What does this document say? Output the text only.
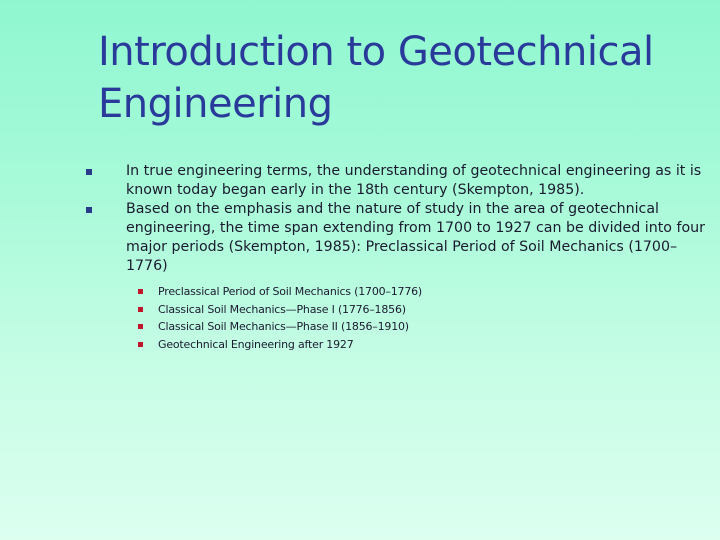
Introduction to Geotechnical
Engineering
In true engineering terms, the understanding of geotechnical engineering as it is known today began early in the 18th century (Skempton, 1985).
Based on the emphasis and the nature of study in the area of geotechnical engineering, the time span extending from 1700 to 1927 can be divided into four major periods (Skempton, 1985): Preclassical Period of Soil Mechanics (1700–1776)
Preclassical Period of Soil Mechanics (1700–1776)
Classical Soil Mechanics—Phase I (1776–1856)
Classical Soil Mechanics—Phase II (1856–1910)
Geotechnical Engineering after 1927
